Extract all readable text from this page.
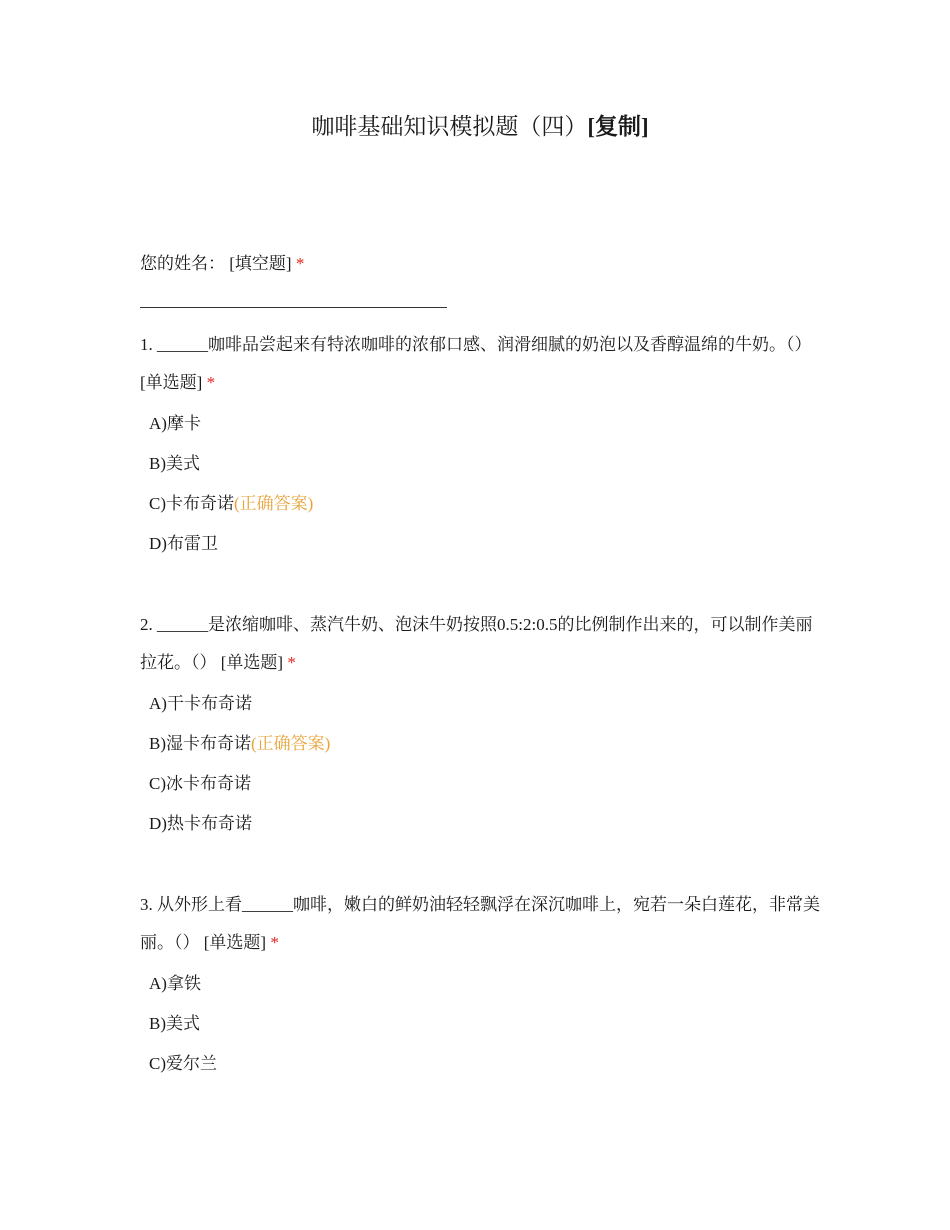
咖啡基础知识模拟题（四）[复制]
您的姓名： [填空题] *

1. ______咖啡品尝起来有特浓咖啡的浓郁口感、润滑细腻的奶泡以及香醇温绵的牛奶。（） [单选题] *

A)摩卡
B)美式
C)卡布奇诺(正确答案)
D)布雷卫

2. ______是浓缩咖啡、蒸汽牛奶、泡沫牛奶按照0.5:2:0.5的比例制作出来的，可以制作美丽拉花。（） [单选题] *

A)干卡布奇诺
B)湿卡布奇诺(正确答案)
C)冰卡布奇诺
D)热卡布奇诺

3. 从外形上看______咖啡，嫩白的鲜奶油轻轻飘浮在深沉咖啡上，宛若一朵白莲花，非常美丽。（） [单选题] *

A)拿铁
B)美式
C)爱尔兰
